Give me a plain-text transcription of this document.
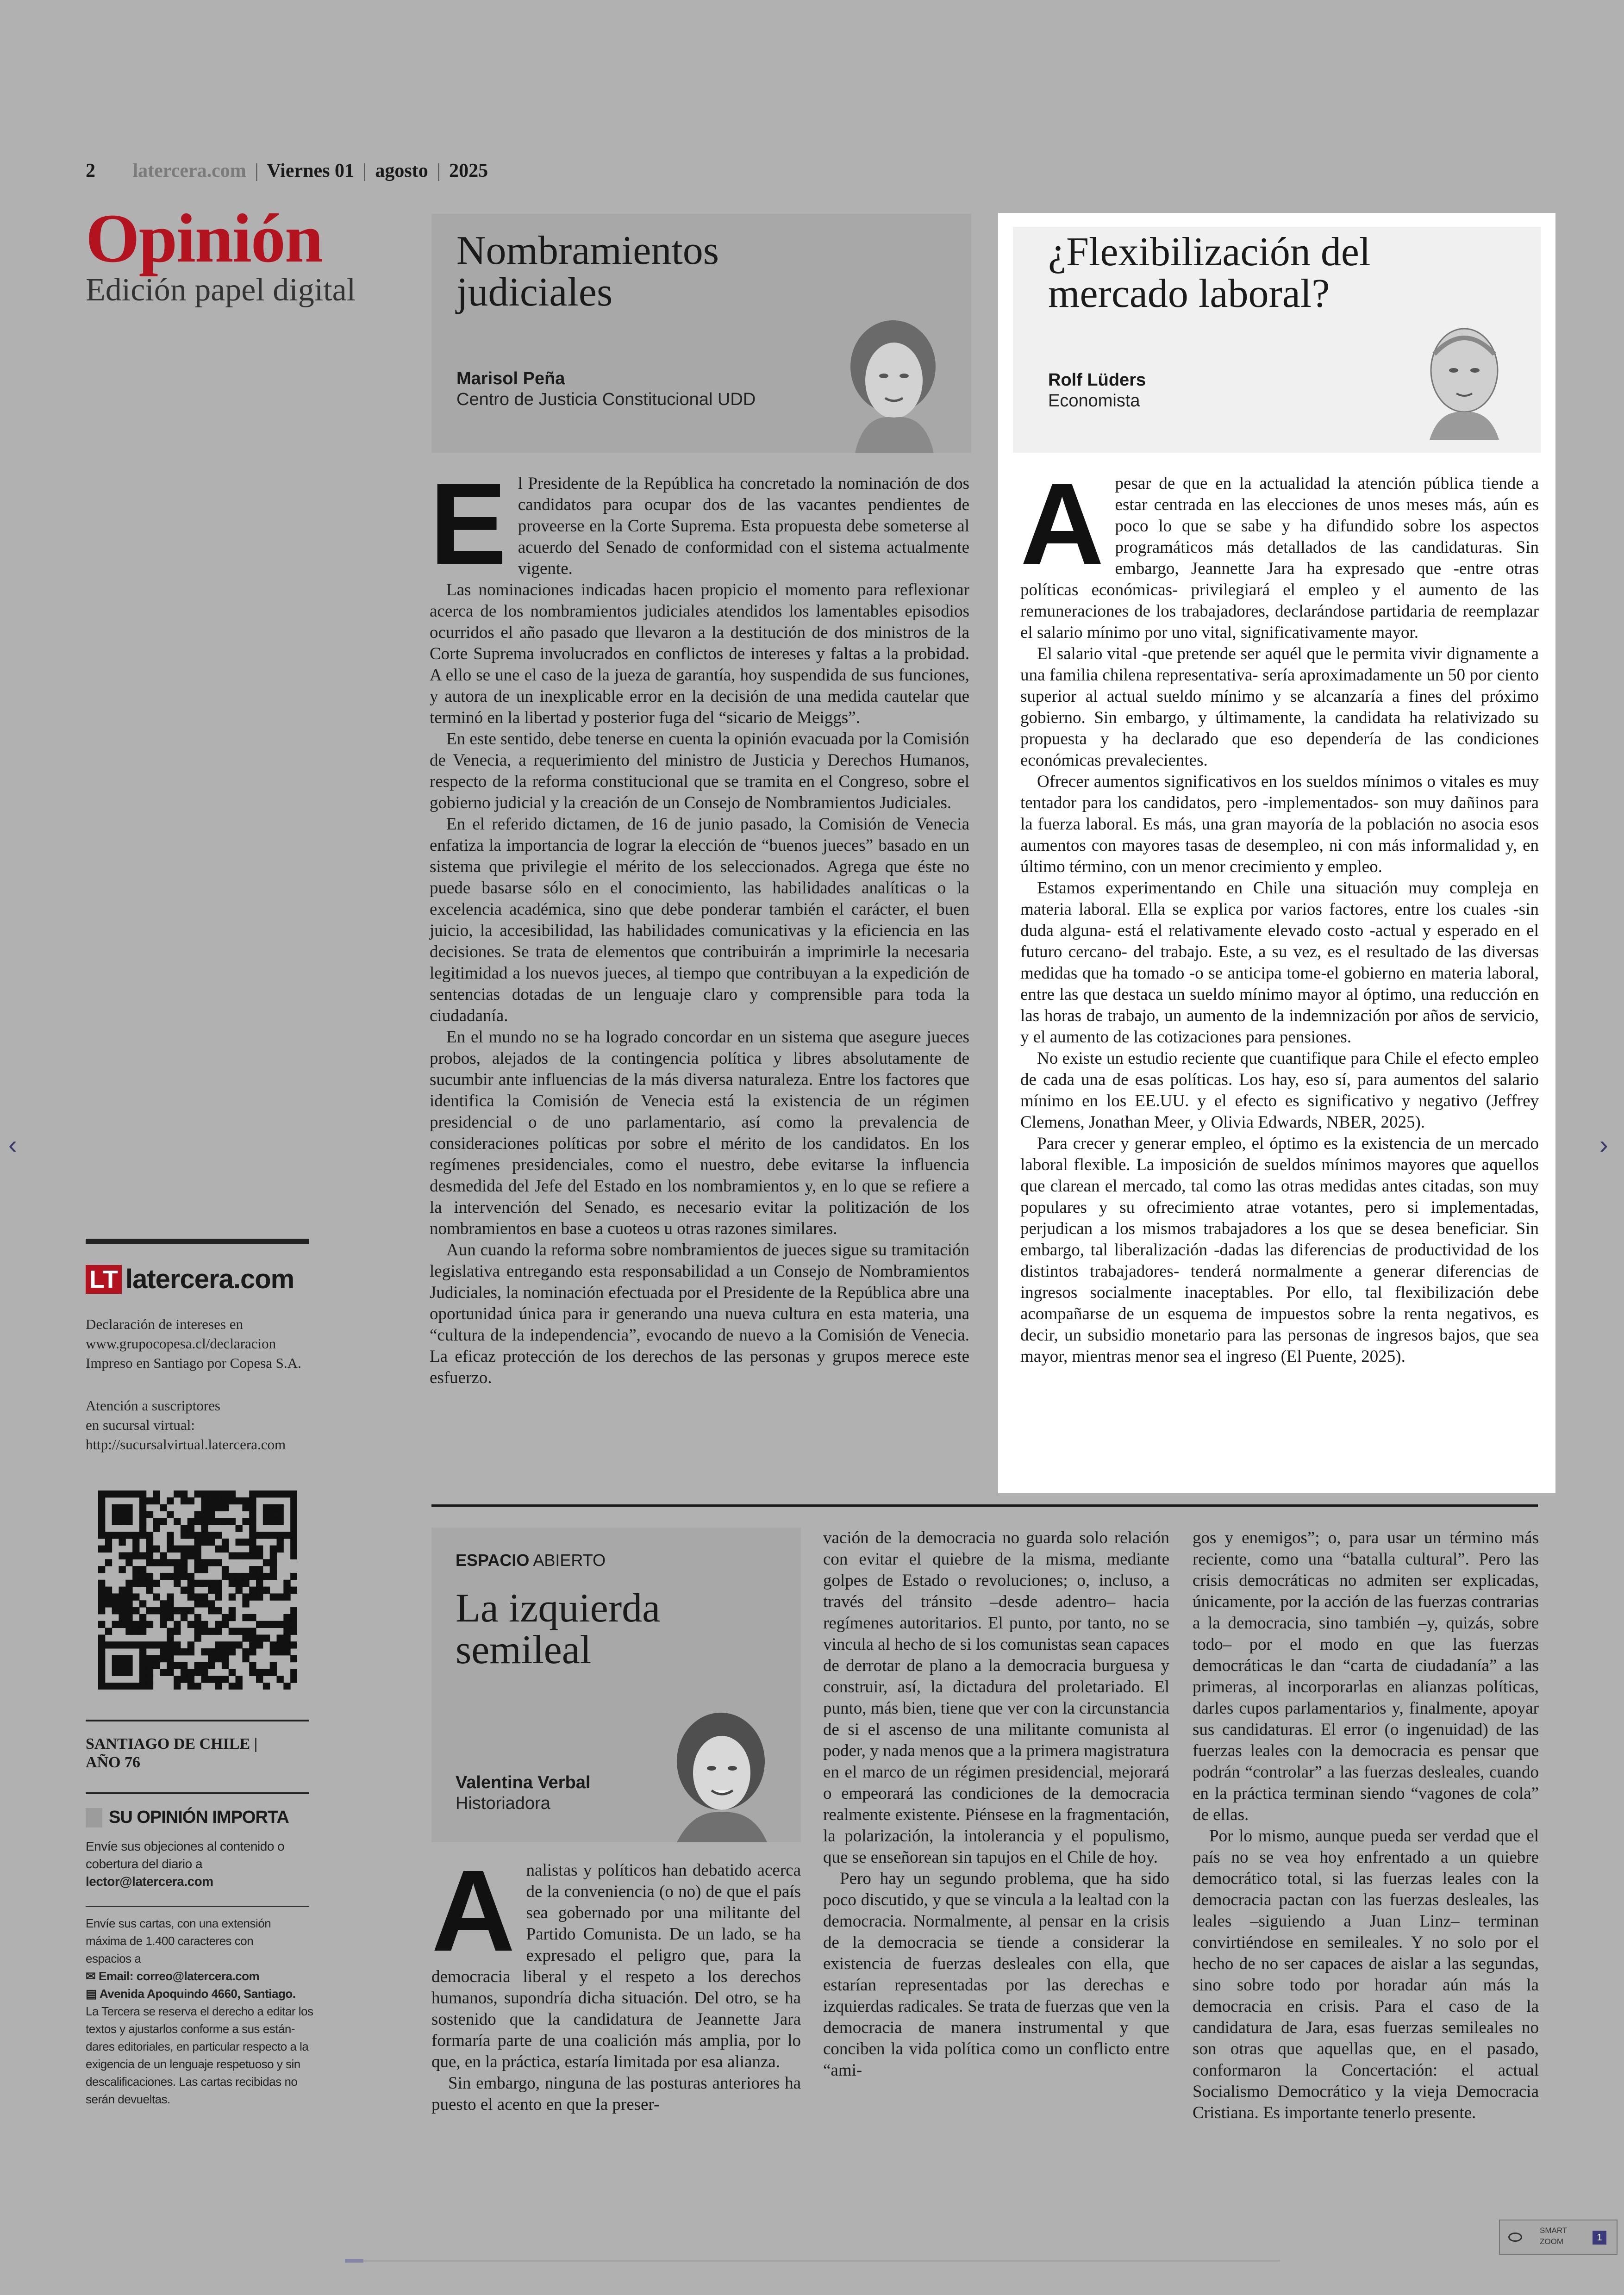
2 latercera.com | Viernes 01 | agosto | 2025
Opinión
Edición papel digital
LT latercera.com
Declaración de intereses en
www.grupocopesa.cl/declaracion
Impreso en Santiago por Copesa S.A.
Atención a suscriptores
en sucursal virtual:
http://sucursalvirtual.latercera.com
SANTIAGO DE CHILE |
AÑO 76
SU OPINIÓN IMPORTA
Envíe sus objeciones al contenido o
cobertura del diario a
lector@latercera.com
Envíe sus cartas, con una extensión
máxima de 1.400 caracteres con
espacios a
✉ Email: correo@latercera.com
▤ Avenida Apoquindo 4660, Santiago.
La Tercera se reserva el derecho a editar los
textos y ajustarlos conforme a sus están-
dares editoriales, en particular respecto a la
exigencia de un lenguaje respetuoso y sin
descalificaciones. Las cartas recibidas no
serán devueltas.
Nombramientos
judiciales
Marisol Peña
Centro de Justicia Constitucional UDD
E l Presidente de la República ha concretado la nominación de dos candidatos para ocupar dos de las vacantes pendientes de proveerse en la Corte Suprema. Esta propuesta debe someterse al acuerdo del Senado de conformidad con el sistema actualmente vigente.

Las nominaciones indicadas hacen propicio el momento para reflexionar acerca de los nombramientos judiciales atendidos los lamentables episodios ocurridos el año pasado que llevaron a la destitución de dos ministros de la Corte Suprema involucrados en conflictos de intereses y faltas a la probidad. A ello se une el caso de la jueza de garantía, hoy suspendida de sus funciones, y autora de un inexplicable error en la decisión de una medida cautelar que terminó en la libertad y posterior fuga del “sicario de Meiggs”.

En este sentido, debe tenerse en cuenta la opinión evacuada por la Comisión de Venecia, a requerimiento del ministro de Justicia y Derechos Humanos, respecto de la reforma constitucional que se tramita en el Congreso, sobre el gobierno judicial y la creación de un Consejo de Nombramientos Judiciales.

En el referido dictamen, de 16 de junio pasado, la Comisión de Venecia enfatiza la importancia de lograr la elección de “buenos jueces” basado en un sistema que privilegie el mérito de los seleccionados. Agrega que éste no puede basarse sólo en el conocimiento, las habilidades analíticas o la excelencia académica, sino que debe ponderar también el carácter, el buen juicio, la accesibilidad, las habilidades comunicativas y la eficiencia en las decisiones. Se trata de elementos que contribuirán a imprimirle la necesaria legitimidad a los nuevos jueces, al tiempo que contribuyan a la expedición de sentencias dotadas de un lenguaje claro y comprensible para toda la ciudadanía.

En el mundo no se ha logrado concordar en un sistema que asegure jueces probos, alejados de la contingencia política y libres absolutamente de sucumbir ante influencias de la más diversa naturaleza. Entre los factores que identifica la Comisión de Venecia está la existencia de un régimen presidencial o de uno parlamentario, así como la prevalencia de consideraciones políticas por sobre el mérito de los candidatos. En los regímenes presidenciales, como el nuestro, debe evitarse la influencia desmedida del Jefe del Estado en los nombramientos y, en lo que se refiere a la intervención del Senado, es necesario evitar la politización de los nombramientos en base a cuoteos u otras razones similares.

Aun cuando la reforma sobre nombramientos de jueces sigue su tramitación legislativa entregando esta responsabilidad a un Consejo de Nombramientos Judiciales, la nominación efectuada por el Presidente de la República abre una oportunidad única para ir generando una nueva cultura en esta materia, una “cultura de la independencia”, evocando de nuevo a la Comisión de Venecia. La eficaz protección de los derechos de las personas y grupos merece este esfuerzo.

¿Flexibilización del
mercado laboral?
Rolf Lüders
Economista
A pesar de que en la actualidad la atención pública tiende a estar centrada en las elecciones de unos meses más, aún es poco lo que se sabe y ha difundido sobre los aspectos programáticos más detallados de las candidaturas. Sin embargo, Jeannette Jara ha expresado que -entre otras políticas económicas- privilegiará el empleo y el aumento de las remuneraciones de los trabajadores, declarándose partidaria de reemplazar el salario mínimo por uno vital, significativamente mayor.

El salario vital -que pretende ser aquél que le permita vivir dignamente a una familia chilena representativa- sería aproximadamente un 50 por ciento superior al actual sueldo mínimo y se alcanzaría a fines del próximo gobierno. Sin embargo, y últimamente, la candidata ha relativizado su propuesta y ha declarado que eso dependería de las condiciones económicas prevalecientes.

Ofrecer aumentos significativos en los sueldos mínimos o vitales es muy tentador para los candidatos, pero -implementados- son muy dañinos para la fuerza laboral. Es más, una gran mayoría de la población no asocia esos aumentos con mayores tasas de desempleo, ni con más informalidad y, en último término, con un menor crecimiento y empleo.

Estamos experimentando en Chile una situación muy compleja en materia laboral. Ella se explica por varios factores, entre los cuales -sin duda alguna- está el relativamente elevado costo -actual y esperado en el futuro cercano- del trabajo. Este, a su vez, es el resultado de las diversas medidas que ha tomado -o se anticipa tome-el gobierno en materia laboral, entre las que destaca un sueldo mínimo mayor al óptimo, una reducción en las horas de trabajo, un aumento de la indemnización por años de servicio, y el aumento de las cotizaciones para pensiones.

No existe un estudio reciente que cuantifique para Chile el efecto empleo de cada una de esas políticas. Los hay, eso sí, para aumentos del salario mínimo en los EE.UU. y el efecto es significativo y negativo (Jeffrey Clemens, Jonathan Meer, y Olivia Edwards, NBER, 2025).

Para crecer y generar empleo, el óptimo es la existencia de un mercado laboral flexible. La imposición de sueldos mínimos mayores que aquellos que clarean el mercado, tal como las otras medidas antes citadas, son muy populares y su ofrecimiento atrae votantes, pero si implementadas, perjudican a los mismos trabajadores a los que se desea beneficiar. Sin embargo, tal liberalización -dadas las diferencias de productividad de los distintos trabajadores- tenderá normalmente a generar diferencias de ingresos socialmente inaceptables. Por ello, tal flexibilización debe acompañarse de un esquema de impuestos sobre la renta negativos, es decir, un subsidio monetario para las personas de ingresos bajos, que sea mayor, mientras menor sea el ingreso (El Puente, 2025).

ESPACIO ABIERTO
La izquierda
semileal
Valentina Verbal
Historiadora
A nalistas y políticos han debatido acerca de la conveniencia (o no) de que el país sea gobernado por una militante del Partido Comunista. De un lado, se ha expresado el peligro que, para la democracia liberal y el respeto a los derechos humanos, supondría dicha situación. Del otro, se ha sostenido que la candidatura de Jeannette Jara formaría parte de una coalición más amplia, por lo que, en la práctica, estaría limitada por esa alianza.

Sin embargo, ninguna de las posturas anteriores ha puesto el acento en que la preser-

vación de la democracia no guarda solo relación con evitar el quiebre de la misma, mediante golpes de Estado o revoluciones; o, incluso, a través del tránsito –desde adentro– hacia regímenes autoritarios. El punto, por tanto, no se vincula al hecho de si los comunistas sean capaces de derrotar de plano a la democracia burguesa y construir, así, la dictadura del proletariado. El punto, más bien, tiene que ver con la circunstancia de si el ascenso de una militante comunista al poder, y nada menos que a la primera magistratura en el marco de un régimen presidencial, mejorará o empeorará las condiciones de la democracia realmente existente. Piénsese en la fragmentación, la polarización, la intolerancia y el populismo, que se enseñorean sin tapujos en el Chile de hoy.

Pero hay un segundo problema, que ha sido poco discutido, y que se vincula a la lealtad con la democracia. Normalmente, al pensar en la crisis de la democracia se tiende a considerar la existencia de fuerzas desleales con ella, que estarían representadas por las derechas e izquierdas radicales. Se trata de fuerzas que ven la democracia de manera instrumental y que conciben la vida política como un conflicto entre “ami-

gos y enemigos”; o, para usar un término más reciente, como una “batalla cultural”. Pero las crisis democráticas no admiten ser explicadas, únicamente, por la acción de las fuerzas contrarias a la democracia, sino también –y, quizás, sobre todo– por el modo en que las fuerzas democráticas le dan “carta de ciudadanía” a las primeras, al incorporarlas en alianzas políticas, darles cupos parlamentarios y, finalmente, apoyar sus candidaturas. El error (o ingenuidad) de las fuerzas leales con la democracia es pensar que podrán “controlar” a las fuerzas desleales, cuando en la práctica terminan siendo “vagones de cola” de ellas.

Por lo mismo, aunque pueda ser verdad que el país no se vea hoy enfrentado a un quiebre democrático total, si las fuerzas leales con la democracia pactan con las fuerzas desleales, las leales –siguiendo a Juan Linz– terminan convirtiéndose en semileales. Y no solo por el hecho de no ser capaces de aislar a las segundas, sino sobre todo por horadar aún más la democracia en crisis. Para el caso de la candidatura de Jara, esas fuerzas semileales no son otras que aquellas que, en el pasado, conformaron la Concertación: el actual Socialismo Democrático y la vieja Democracia Cristiana. Es importante tenerlo presente.

‹	›
SMART ZOOM	1
